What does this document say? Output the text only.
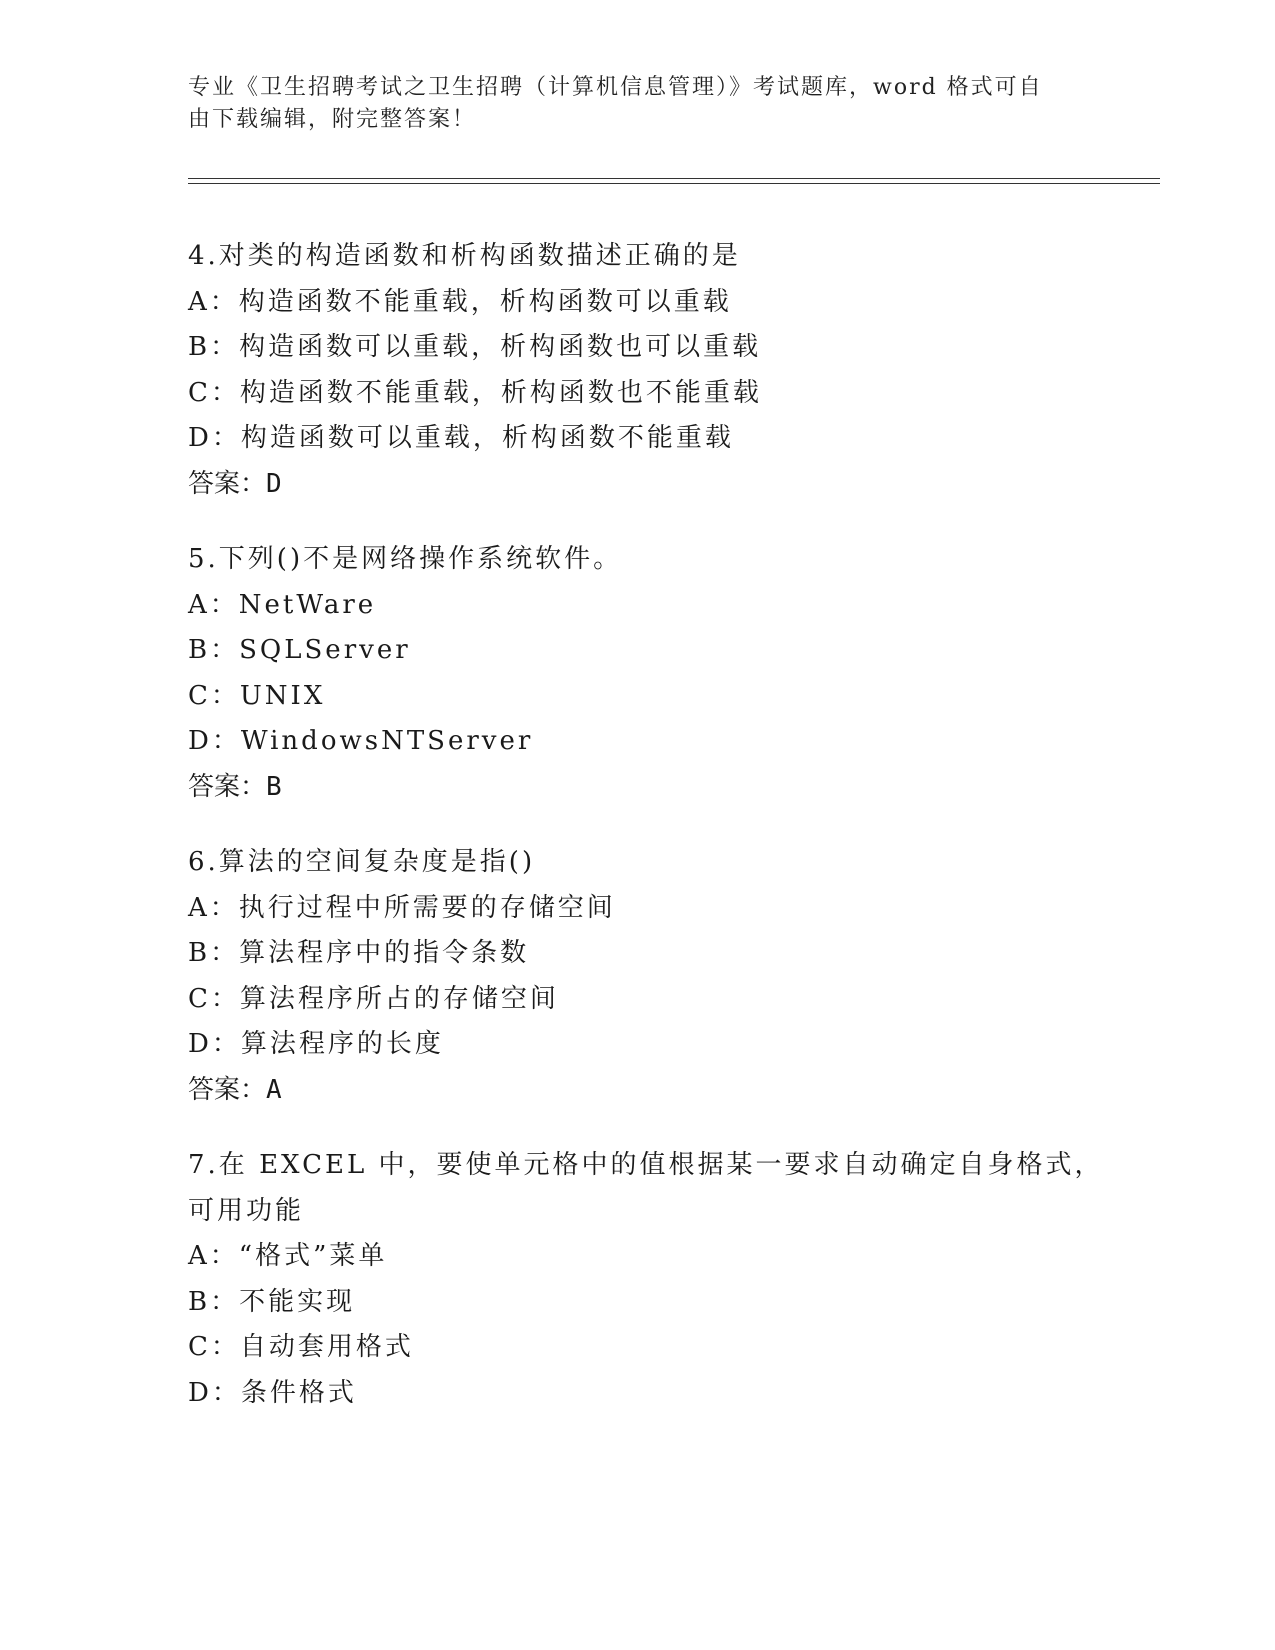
专业《卫生招聘考试之卫生招聘（计算机信息管理）》考试题库，word 格式可自
由下载编辑，附完整答案！
4.对类的构造函数和析构函数描述正确的是
A：构造函数不能重载，析构函数可以重载
B：构造函数可以重载，析构函数也可以重载
C：构造函数不能重载，析构函数也不能重载
D：构造函数可以重载，析构函数不能重载
答案：D
5.下列()不是网络操作系统软件。
A：NetWare
B：SQLServer
C：UNIX
D：WindowsNTServer
答案：B
6.算法的空间复杂度是指()
A：执行过程中所需要的存储空间
B：算法程序中的指令条数
C：算法程序所占的存储空间
D：算法程序的长度
答案：A
7.在 EXCEL 中，要使单元格中的值根据某一要求自动确定自身格式，
可用功能
A：“格式”菜单
B：不能实现
C：自动套用格式
D：条件格式
